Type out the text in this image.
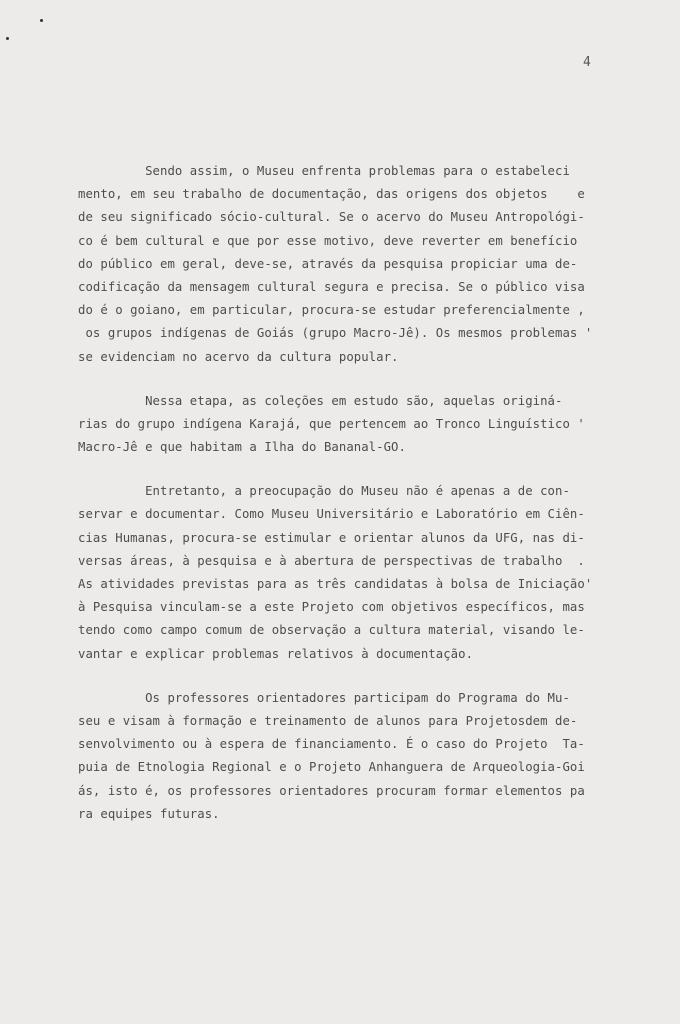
4
Sendo assim, o Museu enfrenta problemas para o estabeleci
mento, em seu trabalho de documentação, das origens dos objetos    e
de seu significado sócio-cultural. Se o acervo do Museu Antropológi-
co é bem cultural e que por esse motivo, deve reverter em benefício
do público em geral, deve-se, através da pesquisa propiciar uma de-
codificação da mensagem cultural segura e precisa. Se o público visa
do é o goiano, em particular, procura-se estudar preferencialmente ,
os grupos indígenas de Goiás (grupo Macro-Jê). Os mesmos problemas '
se evidenciam no acervo da cultura popular.
Nessa etapa, as coleções em estudo são, aquelas originá-
rias do grupo indígena Karajá, que pertencem ao Tronco Linguístico '
Macro-Jê e que habitam a Ilha do Bananal-GO.
Entretanto, a preocupação do Museu não é apenas a de con-
servar e documentar. Como Museu Universitário e Laboratório em Ciên-
cias Humanas, procura-se estimular e orientar alunos da UFG, nas di-
versas áreas, à pesquisa e à abertura de perspectivas de trabalho  .
As atividades previstas para as três candidatas à bolsa de Iniciação'
à Pesquisa vinculam-se a este Projeto com objetivos específicos, mas
tendo como campo comum de observação a cultura material, visando le-
vantar e explicar problemas relativos à documentação.
Os professores orientadores participam do Programa do Mu-
seu e visam à formação e treinamento de alunos para Projetosdem de-
senvolvimento ou à espera de financiamento. É o caso do Projeto  Ta-
puia de Etnologia Regional e o Projeto Anhanguera de Arqueologia-Goi
ás, isto é, os professores orientadores procuram formar elementos pa
ra equipes futuras.
